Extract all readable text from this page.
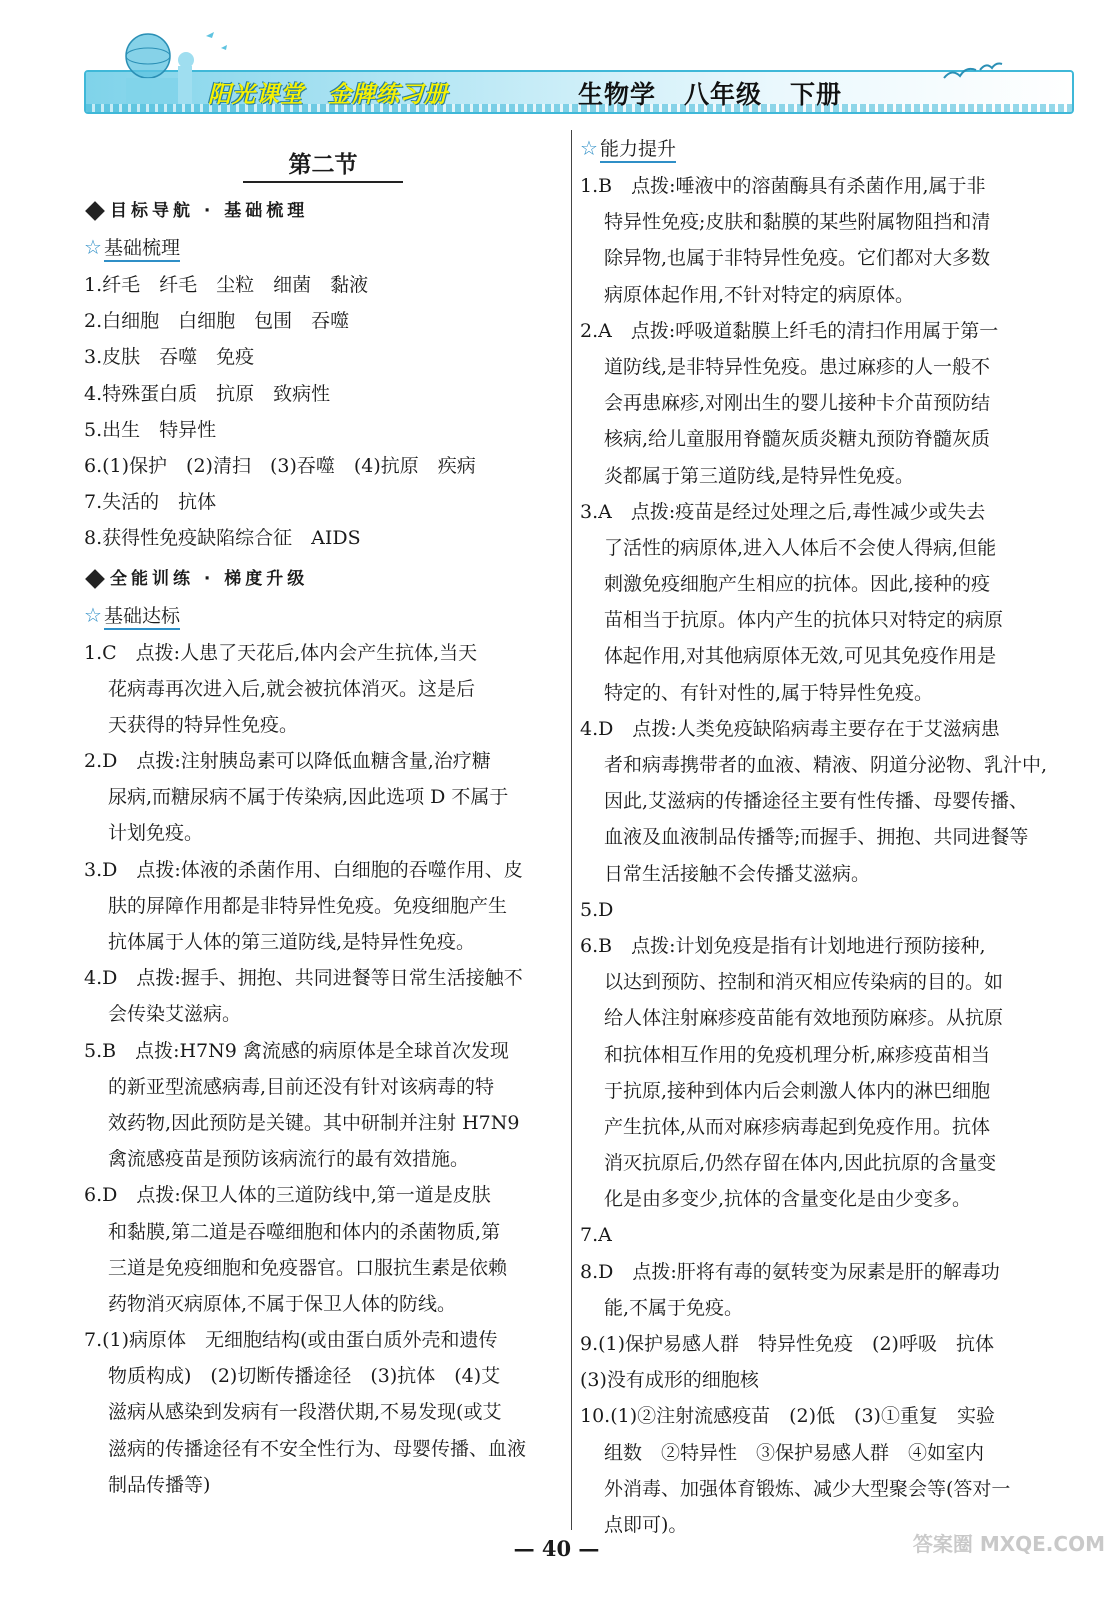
阳光课堂 金牌练习册	生物学 八年级 下册
第二节
目标导航 · 基础梳理
☆ 基础梳理
1.纤毛　纤毛　尘粒　细菌　黏液
2.白细胞　白细胞　包围　吞噬
3.皮肤　吞噬　免疫
4.特殊蛋白质　抗原　致病性
5.出生　特异性
6.(1)保护　(2)清扫　(3)吞噬　(4)抗原　疾病
7.失活的　抗体
8.获得性免疫缺陷综合征　AIDS
全能训练 · 梯度升级
☆ 基础达标
1.C　点拨:人患了天花后,体内会产生抗体,当天
花病毒再次进入后,就会被抗体消灭。这是后
天获得的特异性免疫。
2.D　点拨:注射胰岛素可以降低血糖含量,治疗糖
尿病,而糖尿病不属于传染病,因此选项 D 不属于
计划免疫。
3.D　点拨:体液的杀菌作用、白细胞的吞噬作用、皮
肤的屏障作用都是非特异性免疫。免疫细胞产生
抗体属于人体的第三道防线,是特异性免疫。
4.D　点拨:握手、拥抱、共同进餐等日常生活接触不
会传染艾滋病。
5.B　点拨:H7N9 禽流感的病原体是全球首次发现
的新亚型流感病毒,目前还没有针对该病毒的特
效药物,因此预防是关键。其中研制并注射 H7N9
禽流感疫苗是预防该病流行的最有效措施。
6.D　点拨:保卫人体的三道防线中,第一道是皮肤
和黏膜,第二道是吞噬细胞和体内的杀菌物质,第
三道是免疫细胞和免疫器官。口服抗生素是依赖
药物消灭病原体,不属于保卫人体的防线。
7.(1)病原体　无细胞结构(或由蛋白质外壳和遗传
物质构成)　(2)切断传播途径　(3)抗体　(4)艾
滋病从感染到发病有一段潜伏期,不易发现(或艾
滋病的传播途径有不安全性行为、母婴传播、血液
制品传播等)
☆ 能力提升
1.B　点拨:唾液中的溶菌酶具有杀菌作用,属于非
特异性免疫;皮肤和黏膜的某些附属物阻挡和清
除异物,也属于非特异性免疫。它们都对大多数
病原体起作用,不针对特定的病原体。
2.A　点拨:呼吸道黏膜上纤毛的清扫作用属于第一
道防线,是非特异性免疫。患过麻疹的人一般不
会再患麻疹,对刚出生的婴儿接种卡介苗预防结
核病,给儿童服用脊髓灰质炎糖丸预防脊髓灰质
炎都属于第三道防线,是特异性免疫。
3.A　点拨:疫苗是经过处理之后,毒性减少或失去
了活性的病原体,进入人体后不会使人得病,但能
刺激免疫细胞产生相应的抗体。因此,接种的疫
苗相当于抗原。体内产生的抗体只对特定的病原
体起作用,对其他病原体无效,可见其免疫作用是
特定的、有针对性的,属于特异性免疫。
4.D　点拨:人类免疫缺陷病毒主要存在于艾滋病患
者和病毒携带者的血液、精液、阴道分泌物、乳汁中,
因此,艾滋病的传播途径主要有性传播、母婴传播、
血液及血液制品传播等;而握手、拥抱、共同进餐等
日常生活接触不会传播艾滋病。
5.D
6.B　点拨:计划免疫是指有计划地进行预防接种,
以达到预防、控制和消灭相应传染病的目的。如
给人体注射麻疹疫苗能有效地预防麻疹。从抗原
和抗体相互作用的免疫机理分析,麻疹疫苗相当
于抗原,接种到体内后会刺激人体内的淋巴细胞
产生抗体,从而对麻疹病毒起到免疫作用。抗体
消灭抗原后,仍然存留在体内,因此抗原的含量变
化是由多变少,抗体的含量变化是由少变多。
7.A
8.D　点拨:肝将有毒的氨转变为尿素是肝的解毒功
能,不属于免疫。
9.(1)保护易感人群　特异性免疫　(2)呼吸　抗体
(3)没有成形的细胞核
10.(1)②注射流感疫苗　(2)低　(3)①重复　实验
组数　②特异性　③保护易感人群　④如室内
外消毒、加强体育锻炼、减少大型聚会等(答对一
点即可)。
— 40 —	答案圈 MXQE.COM
